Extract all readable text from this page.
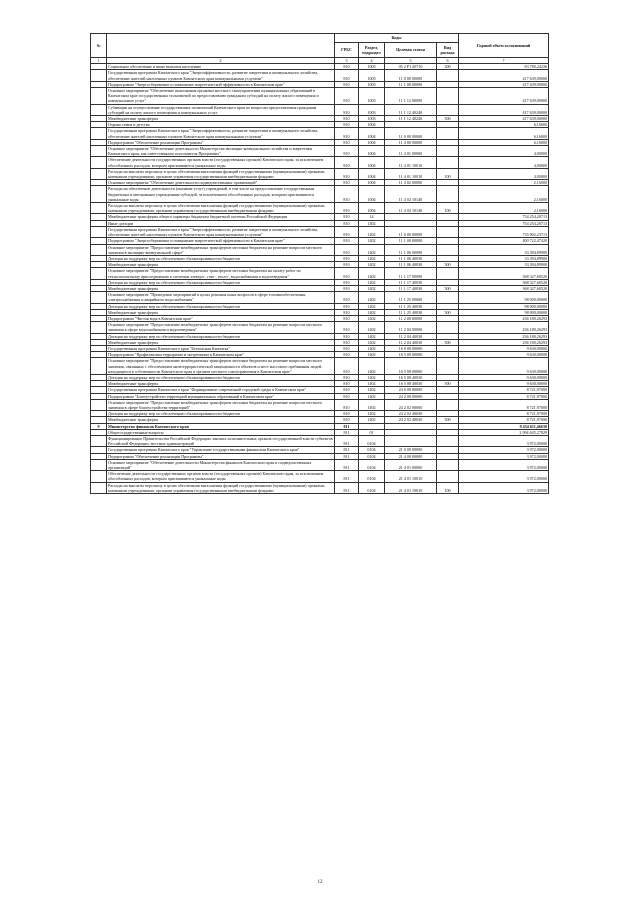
№		Коды				Годовой объем ассигнований
		ГРБС	Раздел, подраздел	Целевая статья	Вид расхода	
1	2	3	4	5	6	7
	Социальное обеспечение и иные выплаты населению	810	1003	05 2 Р1 20710	300	83 780,24236
	Государственная программа Камчатского края "Энергоэффективность, развитие энергетики и коммунального хозяйства, обеспечение жителей населенных пунктов Камчатского края коммунальными услугами"	810	1003	11 0 00 00000		417 639,00000
	Подпрограмма "Энергосбережение и повышение энергетической эффективности в Камчатском крае"	810	1003	11 1 00 00000		417 639,00000
	Основное мероприятие "Обеспечение выполнения органами местного самоуправления муниципальных образований в Камчатском крае государственных полномочий по предоставлению гражданам субсидий на оплату жилого помещения и коммунальных услуг"	810	1003	11 1 12 00000		417 639,00000
	Субвенции на осуществление государственных полномочий Камчатского края по вопросам предоставления гражданам субсидий на оплату жилого помещения и коммунальных услуг	810	1003	11 1 12 40240		417 639,00000
	Межбюджетные трансферты	810	1003	11 1 12 40240	500	417 639,00000
	Охрана семьи и детства	810	1004			6,16000
	Государственная программа Камчатского края "Энергоэффективность, развитие энергетики и коммунального хозяйства, обеспечение жителей населенных пунктов Камчатского края коммунальными услугами"	810	1004	11 0 00 00000		6,16000
	Подпрограмма "Обеспечение реализации Программы"	810	1004	11 4 00 00000		6,16000
	Основное мероприятие "Обеспечение деятельности Министерства жилищно-коммунального хозяйства и энергетики Камчатского края, как ответственного исполнителя Программы"	810	1004	11 4 01 00000		4,00000
	Обеспечение деятельности государственных органов власти (государственных органов) Камчатского края, за исключением обособленных расходов, которым присваиваются уникальные коды	810	1004	11 4 01 10010		4,00000
	Расходы на выплаты персоналу в целях обеспечения выполнения функций государственными (муниципальными) органами, казенными учреждениями, органами управления государственными внебюджетными фондами	810	1004	11 4 01 10010	100	4,00000
	Основное мероприятие "Обеспечение деятельности подведомственных организаций"	810	1004	11 4 02 00000		2,16000
	Расходы на обеспечение деятельности (оказание услуг) учреждений, в том числе на предоставление государственным бюджетным и автономным учреждениям субсидий, за исключением обособленных расходов, которым присваиваются уникальные коды	810	1004	11 4 02 10140		2,16000
	Расходы на выплаты персоналу в целях обеспечения выполнения функций государственными (муниципальными) органами, казенными учреждениями, органами управления государственными внебюджетными фондами	810	1004	11 4 02 10140	100	2,16000
	Межбюджетные трансферты общего характера бюджетам бюджетной системы Российской Федерации	810	14			754 254,20713
	Иные дотации	810	1402			754 254,20713
	Государственная программа Камчатского края "Энергоэффективность, развитие энергетики и коммунального хозяйства, обеспечение жителей населенных пунктов Камчатского края коммунальными услугами"	810	1402	11 0 00 00000		735 902,23713
	Подпрограмма "Энергосбережение и повышение энергетической эффективности в Камчатском крае"	810	1402	11 1 00 00000		400 722,47420
	Основное мероприятие "Предоставление межбюджетных трансфертов местным бюджетам на решение вопросов местного значения в жилищно-коммунальной сфере"	810	1402	11 1 06 00000		33 394,89900
	Дотация на поддержку мер по обеспечению сбалансированности бюджетов	810	1402	11 1 06 40030		33 394,89900
	Межбюджетные трансферты	810	1402	11 1 06 40030	500	33 394,89900
	Основное мероприятие "Предоставление межбюджетных трансфертов местным бюджетам на оплату работ по технологическому присоединению к системам электро-, газо-, тепло-, водоснабжения и водоотведения"	810	1402	11 1 17 00000		368 327,60520
	Дотация на поддержку мер по обеспечению сбалансированности бюджетов	810	1402	11 1 17 40030		368 327,60520
	Межбюджетные трансферты	810	1402	11 1 17 40030	500	368 327,60520
	Основное мероприятие "Проведение мероприятий в целях решения иных вопросов в сфере топливообеспечения, электроснабжения и аварийного водоснабжения"	810	1402	11 1 25 00000		98 000,00000
	Дотация на поддержку мер по обеспечению сбалансированности бюджетов	810	1402	11 1 25 40030		98 000,00000
	Межбюджетные трансферты	810	1402	11 1 25 40030	500	98 000,00000
	Подпрограмма "Чистая вода в Камчатском крае"	810	1402	11 2 00 00000		236 180,26293
	Основное мероприятие "Предоставление межбюджетных трансфертов местным бюджетам на решение вопросов местного значения в сфере водоснабжения и водоотведения"	810	1402	11 2 04 00000		236 180,26293
	Дотация на поддержку мер по обеспечению сбалансированности бюджетов	810	1402	11 2 04 40030		236 180,26293
	Межбюджетные трансферты	810	1402	11 2 04 40030	500	236 180,26293
	Государственная программа Камчатского края "Безопасная Камчатка"	810	1402	16 0 00 00000		9 630,00000
	Подпрограмма "Профилактика терроризма и экстремизма в Камчатском крае"	810	1402	16 5 00 00000		9 630,00000
	Основное мероприятие "Предоставление межбюджетных трансфертов местным бюджетам на решение вопросов местного значения, связанных с обеспечением антитеррористической защищенности объектов и мест массового пребывания людей, находящихся в собственности Камчатского края и органов местного самоуправления в Камчатском крае"	810	1402	16 5 08 00000		9 630,00000
	Дотация на поддержку мер по обеспечению сбалансированности бюджетов	810	1402	16 5 08 40030		9 630,00000
	Межбюджетные трансферты	810	1402	16 5 08 40030	500	9 630,00000
	Государственная программа Камчатского края "Формирование современной городской среды в Камчатском крае"	810	1402	24 0 00 00000		8 721,97000
	Подпрограмма "Благоустройство территорий муниципальных образований в Камчатском крае"	810	1402	24 2 00 00000		8 721,97000
	Основное мероприятие "Предоставление межбюджетных трансфертов местным бюджетам на решение вопросов местного значения в сфере благоустройства территорий"	810	1402	24 2 02 00000		8 721,97000
	Дотация на поддержку мер по обеспечению сбалансированности бюджетов	810	1402	24 2 02 40030		8 721,97000
	Межбюджетные трансферты	810	1402	24 2 02 40030	500	8 721,97000
9	Министерство финансов Камчатского края	811				9 454 611,46638
	Общегосударственные вопросы	811	01			2 994 645,27829
	Функционирование Правительства Российской Федерации, высших исполнительных органов государственной власти субъектов Российской Федерации, местных администраций	811	0104			3 972,00000
	Государственная программа Камчатского края "Управление государственными финансами Камчатского края"	811	0104	21 0 00 00000		3 972,00000
	Подпрограмма "Обеспечение реализации Программы"	811	0104	21 4 00 00000		3 972,00000
	Основное мероприятие "Обеспечение деятельности Министерства финансов Камчатского края и подведомственных организаций"	811	0104	21 4 01 00000		3 972,00000
	Обеспечение деятельности государственных органов власти (государственных органов) Камчатского края, за исключением обособленных расходов, которым присваиваются уникальные коды	811	0104	21 4 01 10010		3 972,00000
	Расходы на выплаты персоналу в целях обеспечения выполнения функций государственными (муниципальными) органами, казенными учреждениями, органами управления государственными внебюджетными фондами	811	0104	21 4 01 10010	100	3 972,00000
12
